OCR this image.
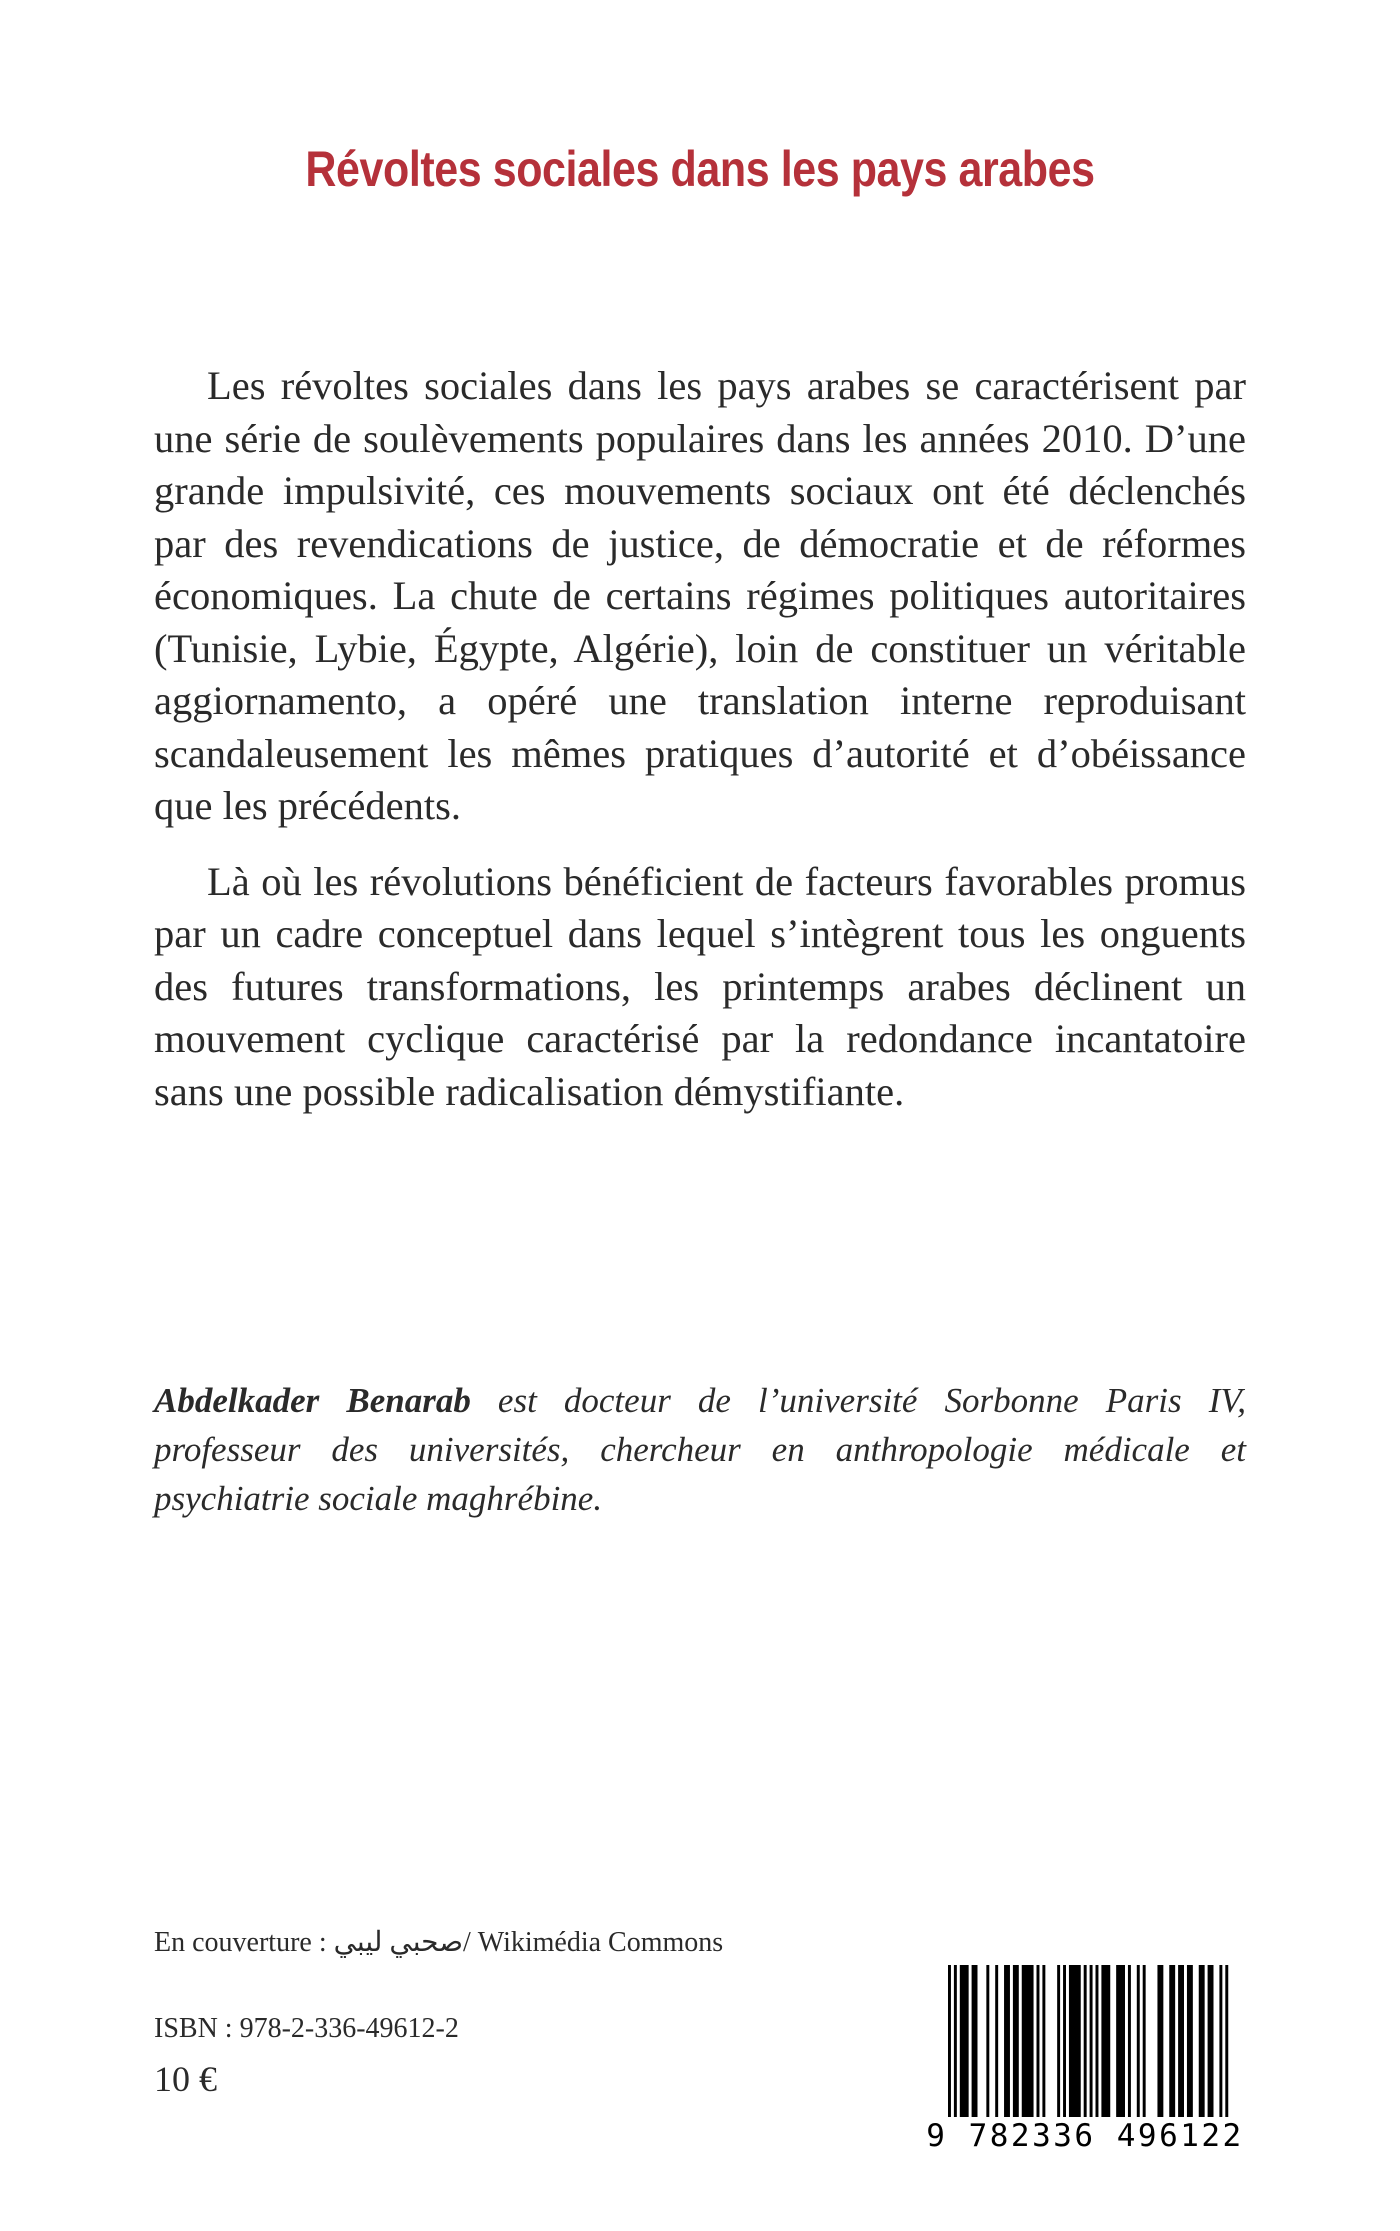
Révoltes sociales dans les pays arabes

Les révoltes sociales dans les pays arabes se caractérisent par une série de soulèvements populaires dans les années 2010. D’une grande impulsivité, ces mouvements sociaux ont été déclenchés par des revendications de justice, de démocratie et de réformes économiques. La chute de certains régimes politiques autoritaires (Tunisie, Lybie, Égypte, Algérie), loin de constituer un véritable aggiornamento, a opéré une translation interne reproduisant scandaleusement les mêmes pratiques d’autorité et d’obéissance que les précédents.

Là où les révolutions bénéficient de facteurs favorables promus par un cadre conceptuel dans lequel s’intègrent tous les onguents des futures transformations, les printemps arabes déclinent un mouvement cyclique caractérisé par la redondance incantatoire sans une possible radicalisation démystifiante.

Abdelkader Benarab est docteur de l’université Sorbonne Paris IV, professeur des universités, chercheur en anthropologie médicale et psychiatrie sociale maghrébine.

En couverture : صحبي ليبي/ Wikimédia Commons
ISBN : 978-2-336-49612-2
10 €
9 782336 496122
